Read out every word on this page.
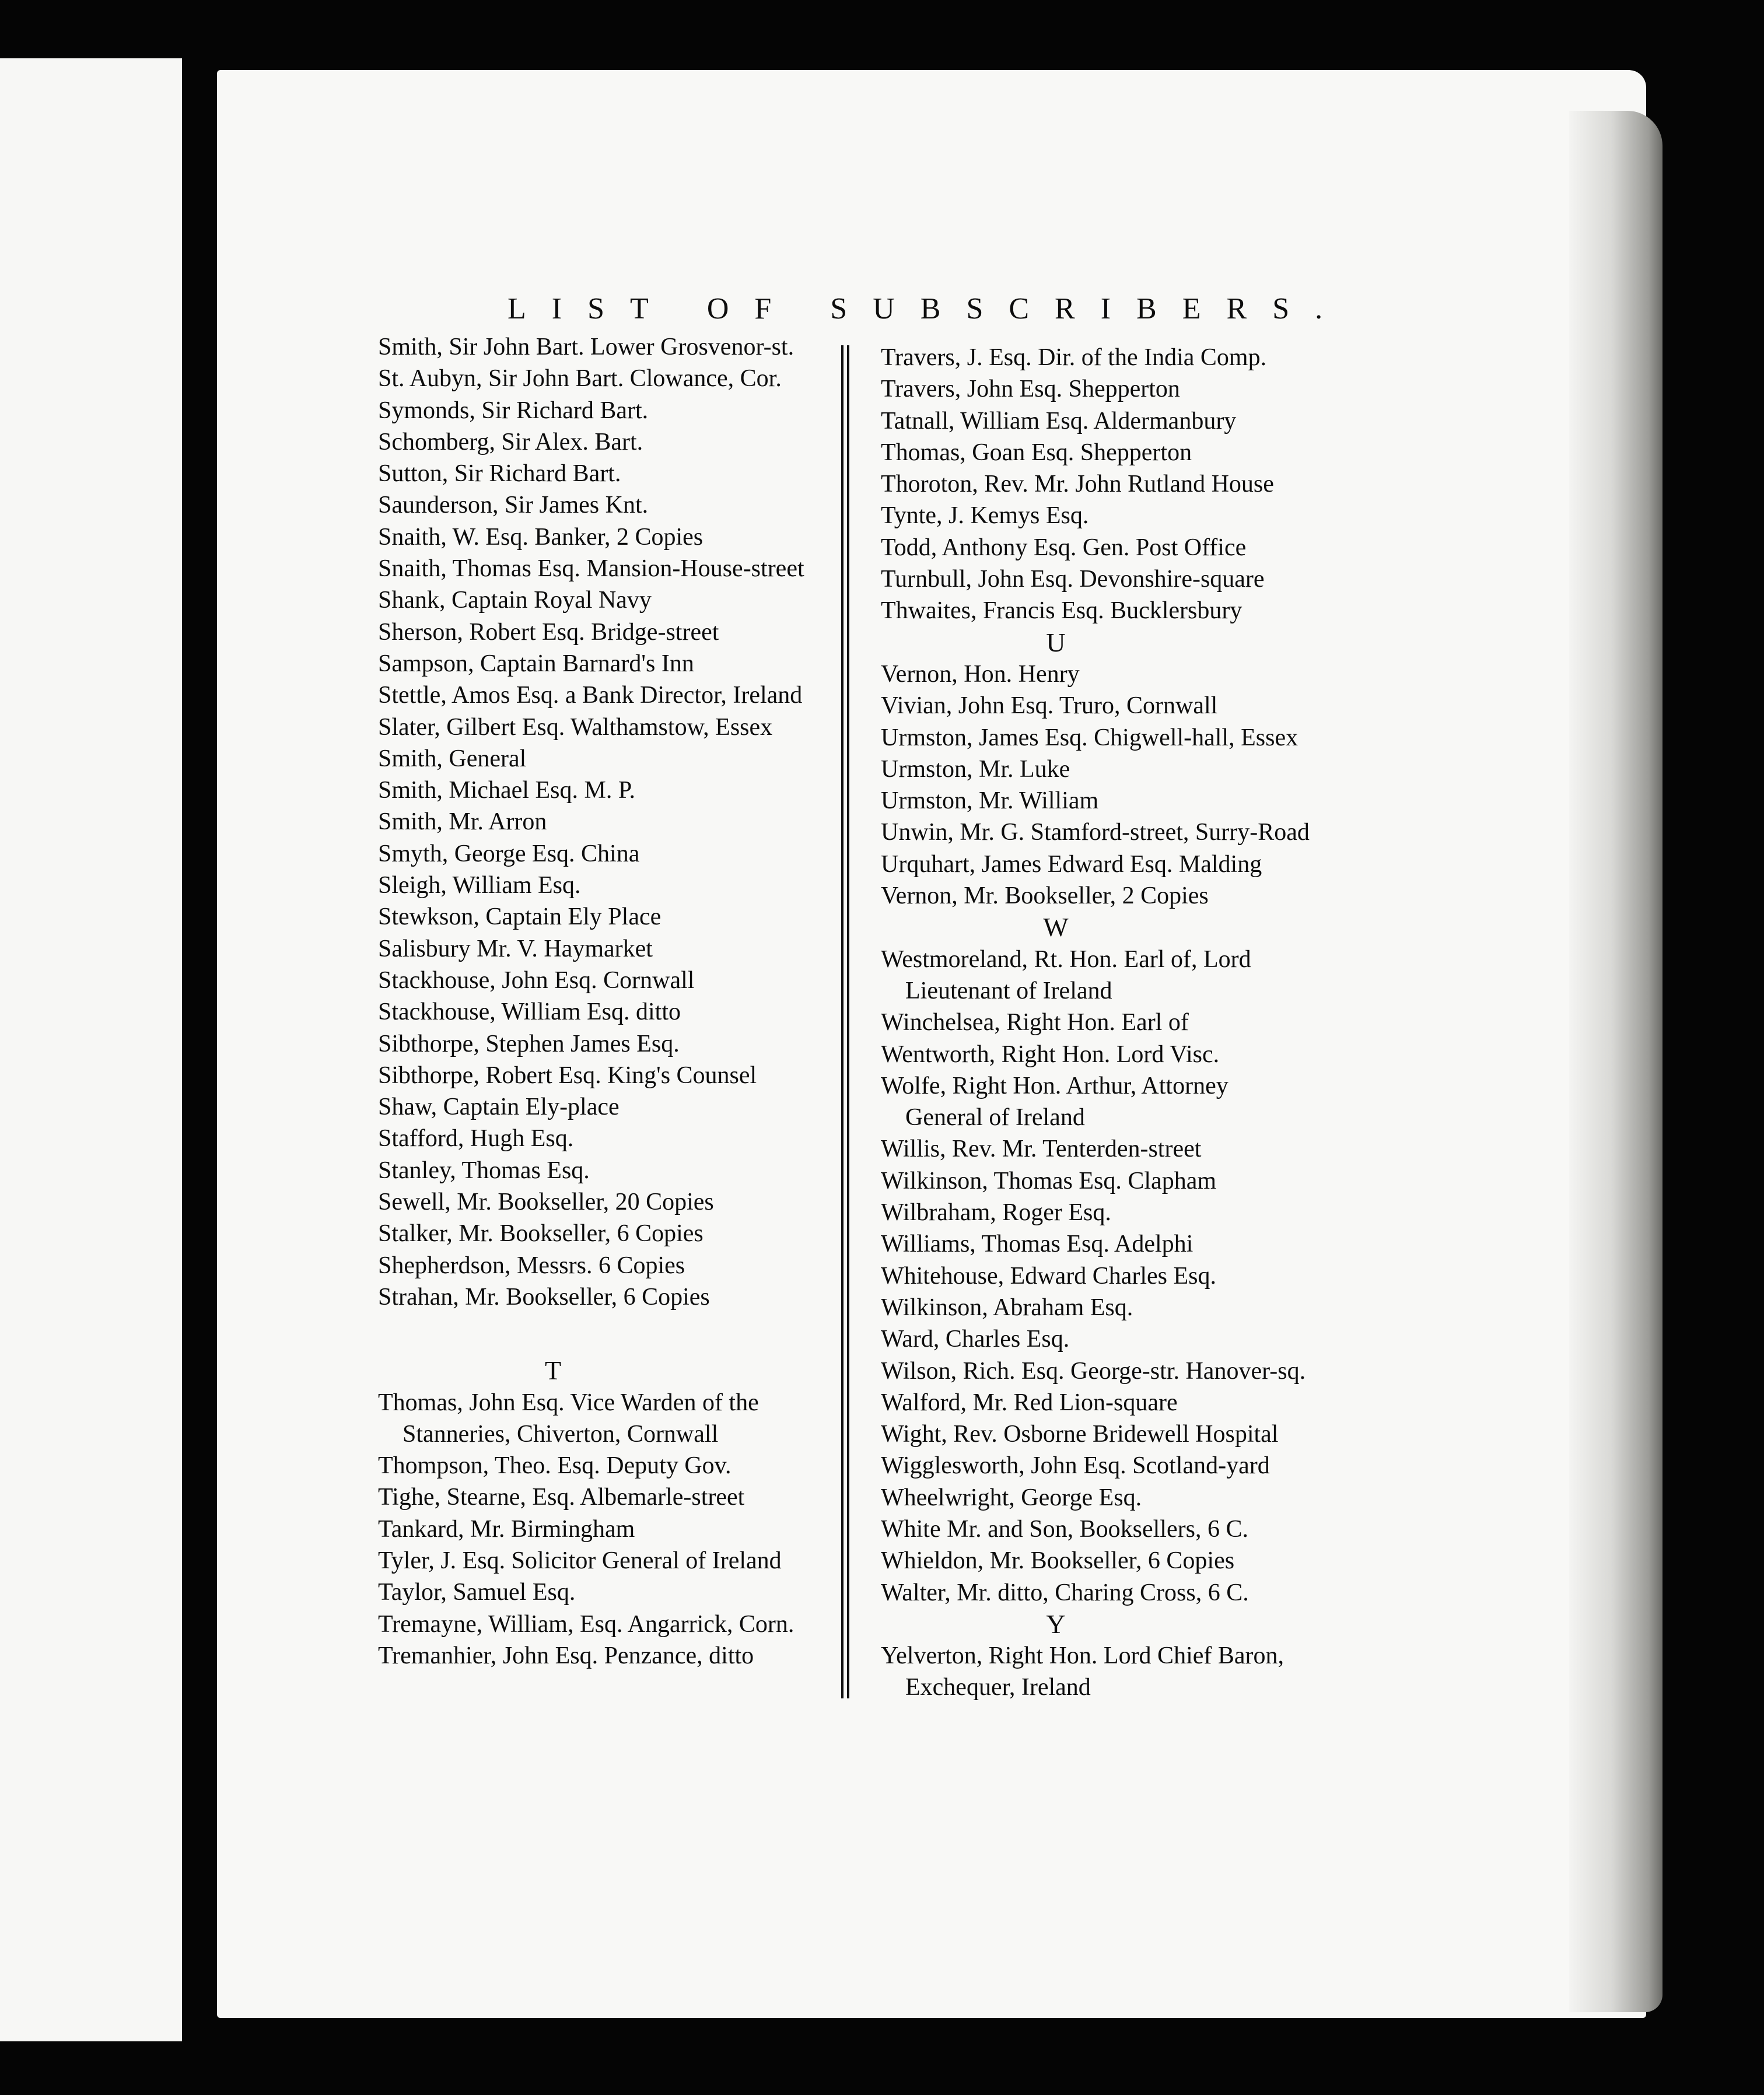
LIST OF SUBSCRIBERS.
Smith, Sir John Bart. Lower Grosvenor-st.
St. Aubyn, Sir John Bart. Clowance, Cor.
Symonds, Sir Richard Bart.
Schomberg, Sir Alex. Bart.
Sutton, Sir Richard Bart.
Saunderson, Sir James Knt.
Snaith, W. Esq. Banker, 2 Copies
Snaith, Thomas Esq. Mansion-House-street
Shank, Captain Royal Navy
Sherson, Robert Esq. Bridge-street
Sampson, Captain Barnard's Inn
Stettle, Amos Esq. a Bank Director, Ireland
Slater, Gilbert Esq. Walthamstow, Essex
Smith, General
Smith, Michael Esq. M. P.
Smith, Mr. Arron
Smyth, George Esq. China
Sleigh, William Esq.
Stewkson, Captain Ely Place
Salisbury Mr. V. Haymarket
Stackhouse, John Esq. Cornwall
Stackhouse, William Esq. ditto
Sibthorpe, Stephen James Esq.
Sibthorpe, Robert Esq. King's Counsel
Shaw, Captain Ely-place
Stafford, Hugh Esq.
Stanley, Thomas Esq.
Sewell, Mr. Bookseller, 20 Copies
Stalker, Mr. Bookseller, 6 Copies
Shepherdson, Messrs. 6 Copies
Strahan, Mr. Bookseller, 6 Copies
T
Thomas, John Esq. Vice Warden of the
Stanneries, Chiverton, Cornwall
Thompson, Theo. Esq. Deputy Gov.
Tighe, Stearne, Esq. Albemarle-street
Tankard, Mr. Birmingham
Tyler, J. Esq. Solicitor General of Ireland
Taylor, Samuel Esq.
Tremayne, William, Esq. Angarrick, Corn.
Tremanhier, John Esq. Penzance, ditto
Travers, J. Esq. Dir. of the India Comp.
Travers, John Esq. Shepperton
Tatnall, William Esq. Aldermanbury
Thomas, Goan Esq. Shepperton
Thoroton, Rev. Mr. John Rutland House
Tynte, J. Kemys Esq.
Todd, Anthony Esq. Gen. Post Office
Turnbull, John Esq. Devonshire-square
Thwaites, Francis Esq. Bucklersbury
U
Vernon, Hon. Henry
Vivian, John Esq. Truro, Cornwall
Urmston, James Esq. Chigwell-hall, Essex
Urmston, Mr. Luke
Urmston, Mr. William
Unwin, Mr. G. Stamford-street, Surry-Road
Urquhart, James Edward Esq. Malding
Vernon, Mr. Bookseller, 2 Copies
W
Westmoreland, Rt. Hon. Earl of, Lord
Lieutenant of Ireland
Winchelsea, Right Hon. Earl of
Wentworth, Right Hon. Lord Visc.
Wolfe, Right Hon. Arthur, Attorney
General of Ireland
Willis, Rev. Mr. Tenterden-street
Wilkinson, Thomas Esq. Clapham
Wilbraham, Roger Esq.
Williams, Thomas Esq. Adelphi
Whitehouse, Edward Charles Esq.
Wilkinson, Abraham Esq.
Ward, Charles Esq.
Wilson, Rich. Esq. George-str. Hanover-sq.
Walford, Mr. Red Lion-square
Wight, Rev. Osborne Bridewell Hospital
Wigglesworth, John Esq. Scotland-yard
Wheelwright, George Esq.
White Mr. and Son, Booksellers, 6 C.
Whieldon, Mr. Bookseller, 6 Copies
Walter, Mr. ditto, Charing Cross, 6 C.
Y
Yelverton, Right Hon. Lord Chief Baron,
Exchequer, Ireland
